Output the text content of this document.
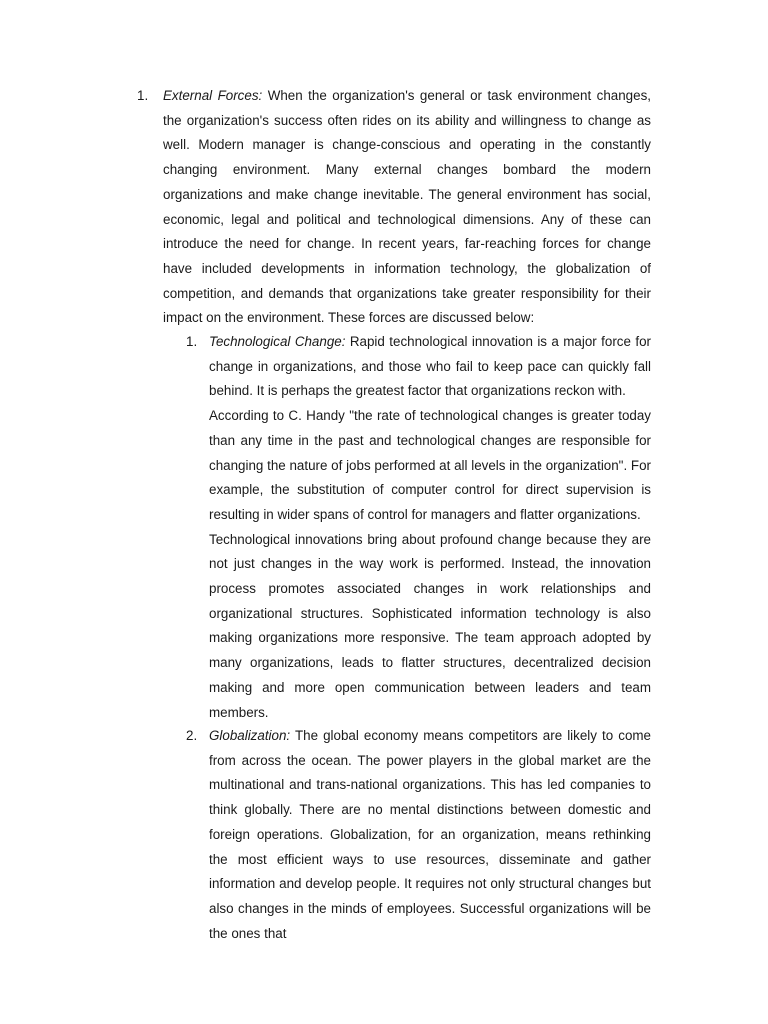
1. External Forces: When the organization's general or task environment changes, the organization's success often rides on its ability and willingness to change as well. Modern manager is change-conscious and operating in the constantly changing environment. Many external changes bombard the modern organizations and make change inevitable. The general environment has social, economic, legal and political and technological dimensions. Any of these can introduce the need for change. In recent years, far-reaching forces for change have included developments in information technology, the globalization of competition, and demands that organizations take greater responsibility for their impact on the environment. These forces are discussed below:

1. Technological Change: Rapid technological innovation is a major force for change in organizations, and those who fail to keep pace can quickly fall behind. It is perhaps the greatest factor that organizations reckon with.

According to C. Handy "the rate of technological changes is greater today than any time in the past and technological changes are responsible for changing the nature of jobs performed at all levels in the organization". For example, the substitution of computer control for direct supervision is resulting in wider spans of control for managers and flatter organizations.

Technological innovations bring about profound change because they are not just changes in the way work is performed. Instead, the innovation process promotes associated changes in work relationships and organizational structures. Sophisticated information technology is also making organizations more responsive. The team approach adopted by many organizations, leads to flatter structures, decentralized decision making and more open communication between leaders and team members.

2. Globalization: The global economy means competitors are likely to come from across the ocean. The power players in the global market are the multinational and trans-national organizations. This has led companies to think globally. There are no mental distinctions between domestic and foreign operations. Globalization, for an organization, means rethinking the most efficient ways to use resources, disseminate and gather information and develop people. It requires not only structural changes but also changes in the minds of employees. Successful organizations will be the ones that
